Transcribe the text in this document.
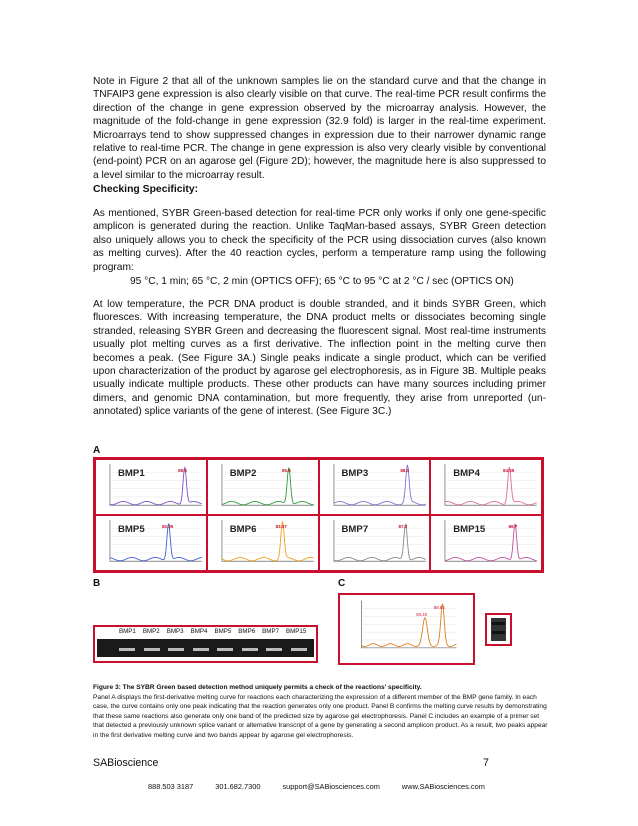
Note in Figure 2 that all of the unknown samples lie on the standard curve and that the change in TNFAIP3 gene expression is also clearly visible on that curve. The real-time PCR result confirms the direction of the change in gene expression observed by the microarray analysis. However, the magnitude of the fold-change in gene expression (32.9 fold) is larger in the real-time experiment. Microarrays tend to show suppressed changes in expression due to their narrower dynamic range relative to real-time PCR. The change in gene expression is also very clearly visible by conventional (end-point) PCR on an agarose gel (Figure 2D); however, the magnitude here is also suppressed to a level similar to the microarray result.

Checking Specificity:

As mentioned, SYBR Green-based detection for real-time PCR only works if only one gene-specific amplicon is generated during the reaction. Unlike TaqMan-based assays, SYBR Green detection also uniquely allows you to check the specificity of the PCR using dissociation curves (also known as melting curves). After the 40 reaction cycles, perform a temperature ramp using the following program:

95 °C, 1 min; 65 °C, 2 min (OPTICS OFF); 65 °C to 95 °C at 2 °C / sec (OPTICS ON)

At low temperature, the PCR DNA product is double stranded, and it binds SYBR Green, which fluoresces. With increasing temperature, the DNA product melts or dissociates becoming single stranded, releasing SYBR Green and decreasing the fluorescent signal. Most real-time instruments usually plot melting curves as a first derivative. The inflection point in the melting curve then becomes a peak. (See Figure 3A.) Single peaks indicate a single product, which can be verified upon characterization of the product by agarose gel electrophoresis, as in Figure 3B. Multiple peaks usually indicate multiple products. These other products can have many sources including primer dimers, and genomic DNA contamination, but more frequently, they arise from unreported (un-annotated) splice variants of the gene of interest. (See Figure 3C.)

A
BMP1	88.5	BMP2	85.5	BMP3	88.0	BMP4	84.55
BMP5	82.35	BMP6	83.07	BMP7	87.3	BMP15	86.7
B	C
BMP1 BMP2 BMP3 BMP4 BMP5 BMP6 BMP7 BMP15
83.40
89.85
Figure 3: The SYBR Green based detection method uniquely permits a check of the reactions' specificity.
Panel A displays the first-derivative melting curve for reactions each characterizing the expression of a different member of the BMP gene family. In each case, the curve contains only one peak indicating that the reaction generates only one product. Panel B confirms the melting curve results by demonstrating that these same reactions also generate only one band of the predicted size by agarose gel electrophoresis. Panel C includes an example of a primer set that detected a previously unknown splice variant or alternative transcript of a gene by generating a second amplicon product. As a result, two peaks appear in the first derivative melting curve and two bands appear by agarose gel electrophoresis.
SABioscience	7
888.503 3187	301.682.7300	support@SABiosciences.com	www.SABiosciences.com
